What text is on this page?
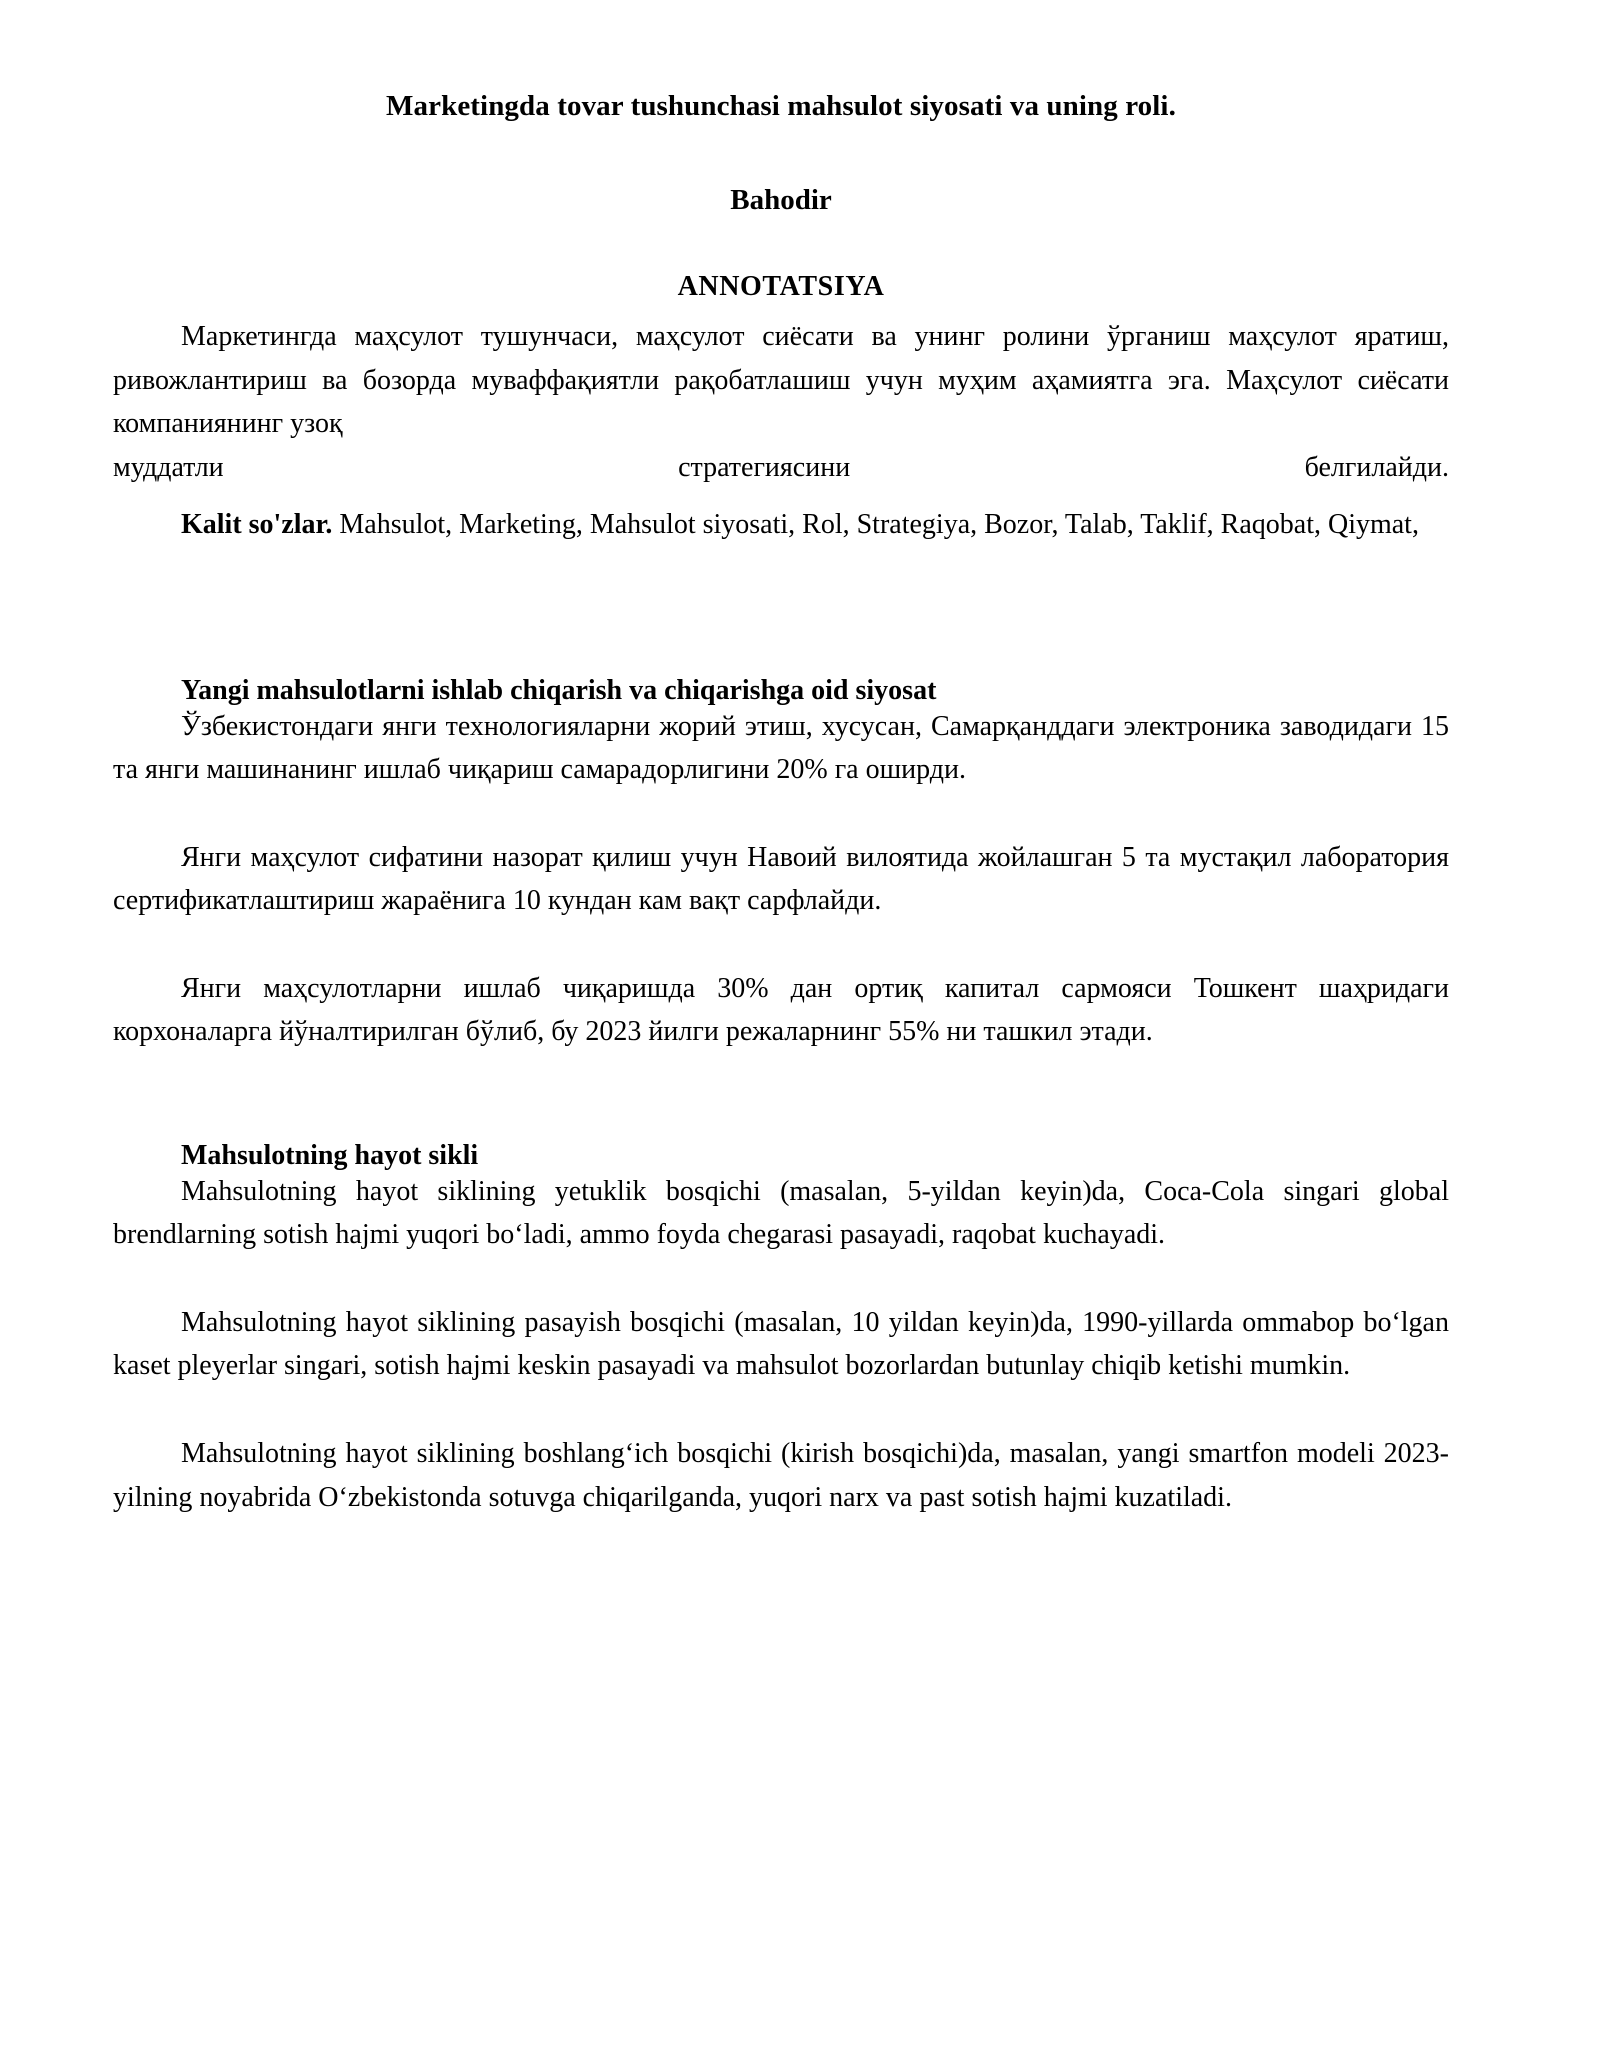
Marketingda tovar tushunchasi mahsulot siyosati va uning roli.
Bahodir
ANNOTATSIYA

Маркетингда маҳсулот тушунчаси, маҳсулот сиёсати ва унинг ролини ўрганиш маҳсулот яратиш, ривожлантириш ва бозорда муваффақиятли рақобатлашиш учун муҳим аҳамиятга эга. Маҳсулот сиёсати компаниянинг узоқ

муддатли	стратегиясини	белгилайди.

Kalit so'zlar. Mahsulot, Marketing, Mahsulot siyosati, Rol, Strategiya, Bozor, Talab, Taklif, Raqobat, Qiymat,

Yangi mahsulotlarni ishlab chiqarish va chiqarishga oid siyosat

Ўзбекистондаги янги технологияларни жорий этиш, хусусан, Самарқанддаги электроника заводидаги 15 та янги машинанинг ишлаб чиқариш самарадорлигини 20% га оширди.

Янги маҳсулот сифатини назорат қилиш учун Навоий вилоятида жойлашган 5 та мустақил лаборатория сертификатлаштириш жараёнига 10 кундан кам вақт сарфлайди.

Янги маҳсулотларни ишлаб чиқаришда 30% дан ортиқ капитал сармояси Тошкент шаҳридаги корхоналарга йўналтирилган бўлиб, бу 2023 йилги режаларнинг 55% ни ташкил этади.

Mahsulotning hayot sikli

Mahsulotning hayot siklining yetuklik bosqichi (masalan, 5-yildan keyin)da, Coca-Cola singari global brendlarning sotish hajmi yuqori bo‘ladi, ammo foyda chegarasi pasayadi, raqobat kuchayadi.

Mahsulotning hayot siklining pasayish bosqichi (masalan, 10 yildan keyin)da, 1990-yillarda ommabop bo‘lgan kaset pleyerlar singari, sotish hajmi keskin pasayadi va mahsulot bozorlardan butunlay chiqib ketishi mumkin.

Mahsulotning hayot siklining boshlang‘ich bosqichi (kirish bosqichi)da, masalan, yangi smartfon modeli 2023-yilning noyabrida O‘zbekistonda sotuvga chiqarilganda, yuqori narx va past sotish hajmi kuzatiladi.
